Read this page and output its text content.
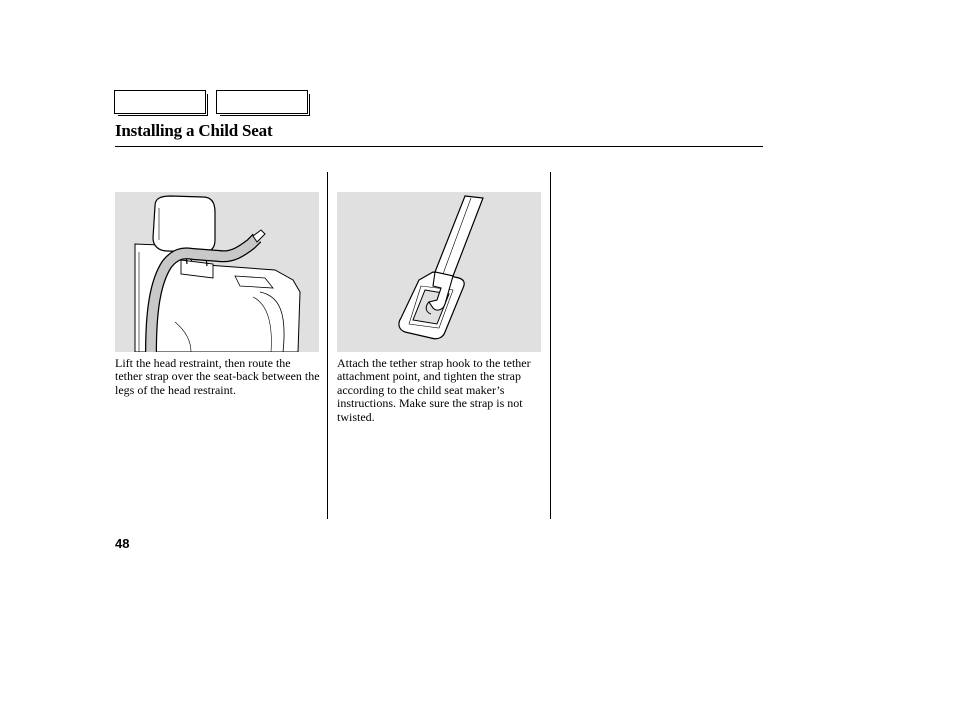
Installing a Child Seat
Lift the head restraint, then route the tether strap over the seat-back between the legs of the head restraint.
Attach the tether strap hook to the tether attachment point, and tighten the strap according to the child seat maker’s instructions. Make sure the strap is not twisted.
48
